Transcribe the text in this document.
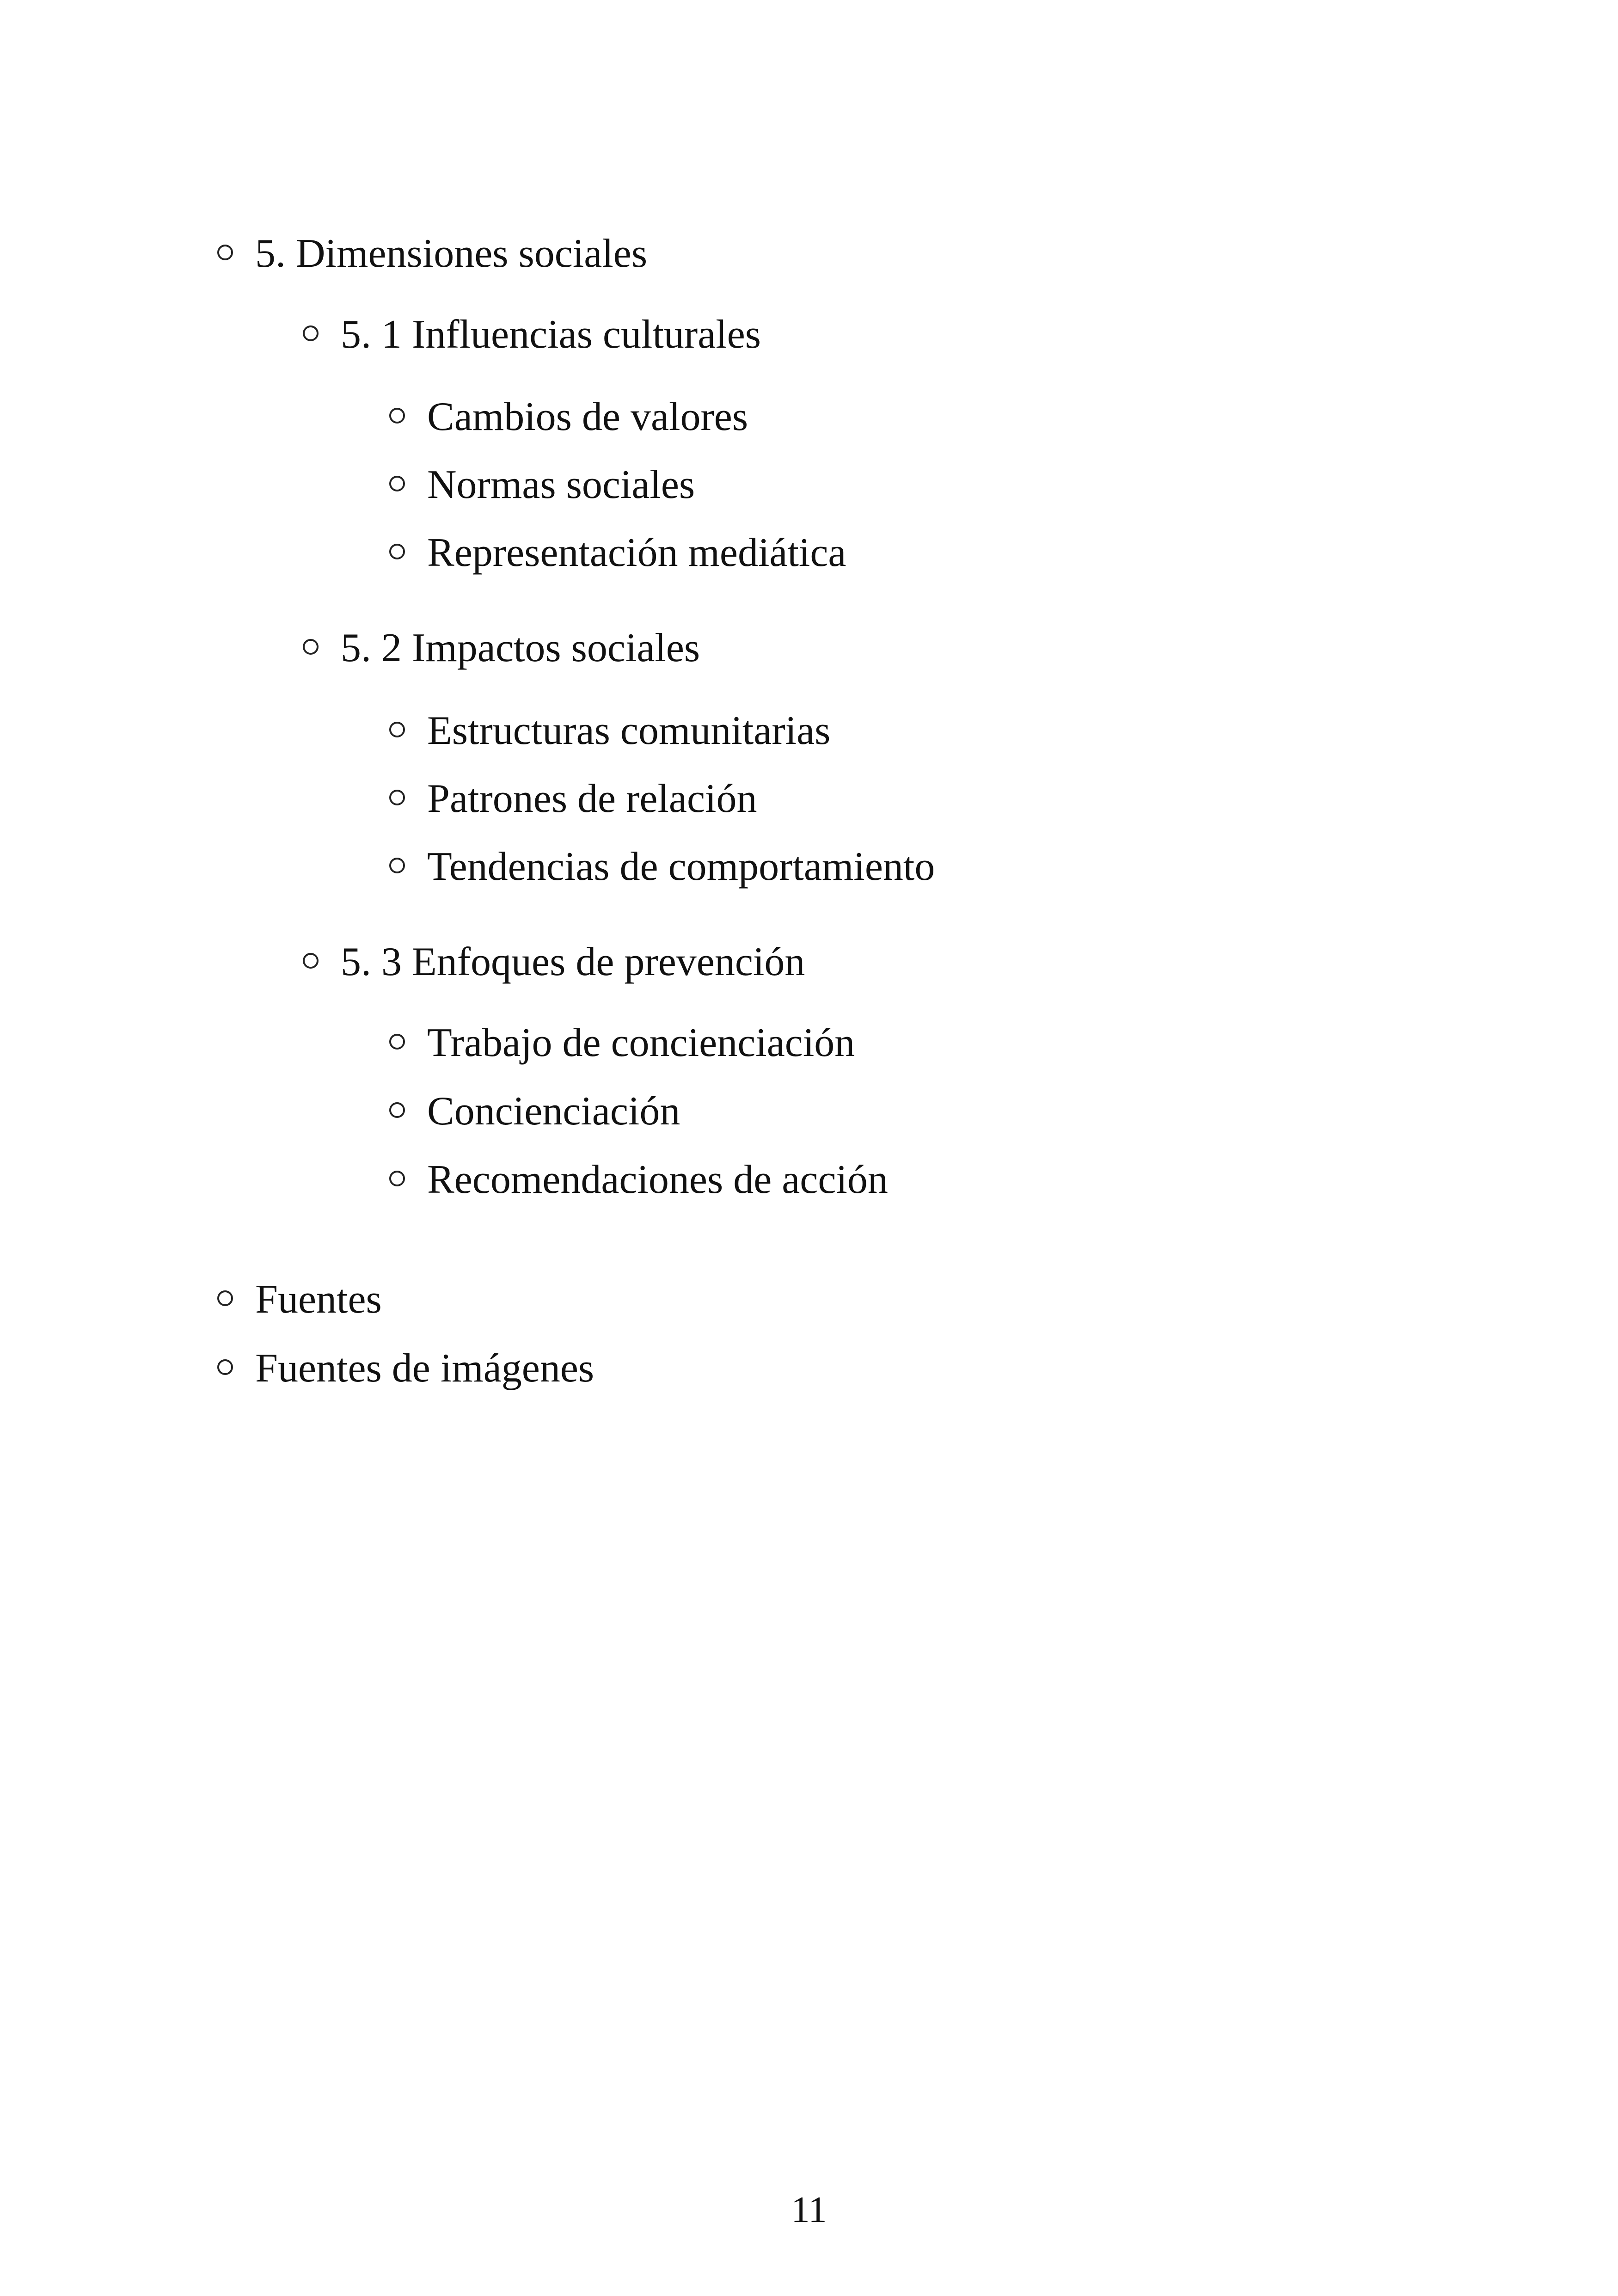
5. Dimensiones sociales
5. 1 Influencias culturales
Cambios de valores
Normas sociales
Representación mediática
5. 2 Impactos sociales
Estructuras comunitarias
Patrones de relación
Tendencias de comportamiento
5. 3 Enfoques de prevención
Trabajo de concienciación
Concienciación
Recomendaciones de acción
Fuentes
Fuentes de imágenes
11
